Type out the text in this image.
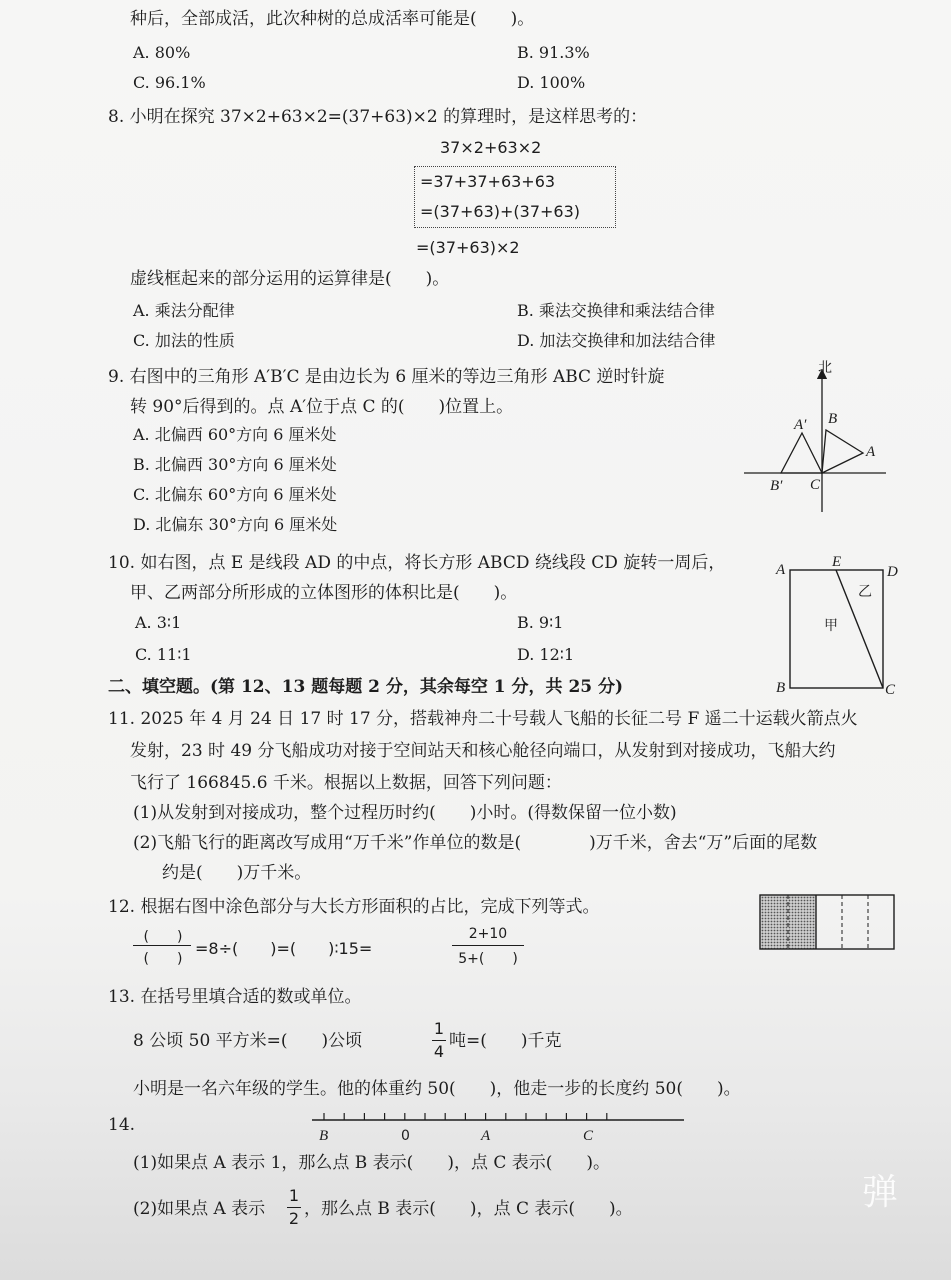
种后，全部成活，此次种树的总成活率可能是(　　)。
A. 80%	B. 91.3%
C. 96.1%	D. 100%
8. 小明在探究 37×2+63×2=(37+63)×2 的算理时，是这样思考的：
37×2+63×2
=37+37+63+63
=(37+63)+(37+63)
=(37+63)×2
虚线框起来的部分运用的运算律是(　　)。
A. 乘法分配律	B. 乘法交换律和乘法结合律
C. 加法的性质	D. 加法交换律和加法结合律
9. 右图中的三角形 A′B′C 是由边长为 6 厘米的等边三角形 ABC 逆时针旋
转 90°后得到的。点 A′位于点 C 的(　　)位置上。
A. 北偏西 60°方向 6 厘米处
B. 北偏西 30°方向 6 厘米处
C. 北偏东 60°方向 6 厘米处
D. 北偏东 30°方向 6 厘米处
北
B
A
C
A′
B′
10. 如右图，点 E 是线段 AD 的中点，将长方形 ABCD 绕线段 CD 旋转一周后，
甲、乙两部分所形成的立体图形的体积比是(　　)。
A. 3∶1	B. 9∶1
C. 11∶1	D. 12∶1
A	E
D
B	C
甲
乙
二、填空题。(第 12、13 题每题 2 分，其余每空 1 分，共 25 分)
11. 2025 年 4 月 24 日 17 时 17 分，搭载神舟二十号载人飞船的长征二号 F 遥二十运载火箭点火
发射，23 时 49 分飞船成功对接于空间站天和核心舱径向端口，从发射到对接成功，飞船大约
飞行了 166845.6 千米。根据以上数据，回答下列问题：
(1)从发射到对接成功，整个过程历时约(　　)小时。(得数保留一位小数)
(2)飞船飞行的距离改写成用“万千米”作单位的数是(　　　　)万千米，舍去“万”后面的尾数
约是(　　)万千米。
12. 根据右图中涂色部分与大长方形面积的占比，完成下列等式。
(　　)
(　　)
=8÷(　　)=(　　)∶15=
2+10
5+(　　)
13. 在括号里填合适的数或单位。
8 公顷 50 平方米=(　　)公顷
1
4
吨=(　　)千克
小明是一名六年级的学生。他的体重约 50(　　)，他走一步的长度约 50(　　)。
14.
B	0	A	C
(1)如果点 A 表示 1，那么点 B 表示(　　)，点 C 表示(　　)。
(2)如果点 A 表示
1
2 ，那么点 B 表示(　　)，点 C 表示(　　)。	弹
